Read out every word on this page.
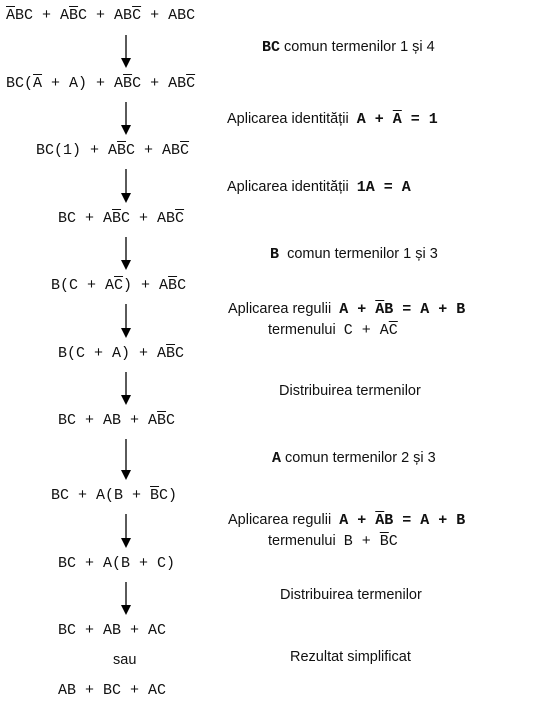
$\overline{A}BC + A\overline{B}C + AB\overline{C}$ + ABC
$BC(\overline{A} + A) + A\overline{B}C + AB\overline{C}$
$BC(1) + A\overline{B}C + AB\overline{C}$
BC + $A\overline{B}C + AB\overline{C}$
$B(C + A\overline{C}) + A\overline{B}C$
$B(C + A) + A\overline{B}C$
BC + AB + $A\overline{B}C$
BC + $A(B + \overline{B}C)$
BC + A(B + C)
BC + AB + AC
sau
AB + BC + AC
BC comun termenilor 1 și 4
Aplicarea identității  $A + \overline{A} = 1$
Aplicarea identității  1A = A
B  comun termenilor 1 și 3
Aplicarea regulii  $A + \overline{A}B = A + B$
termenului  $C + A\overline{C}$
Distribuirea termenilor
A comun termenilor 2 și 3
Aplicarea regulii  $A + \overline{A}B = A + B$
termenului  $B + \overline{B}C$
Distribuirea termenilor
Rezultat simplificat
